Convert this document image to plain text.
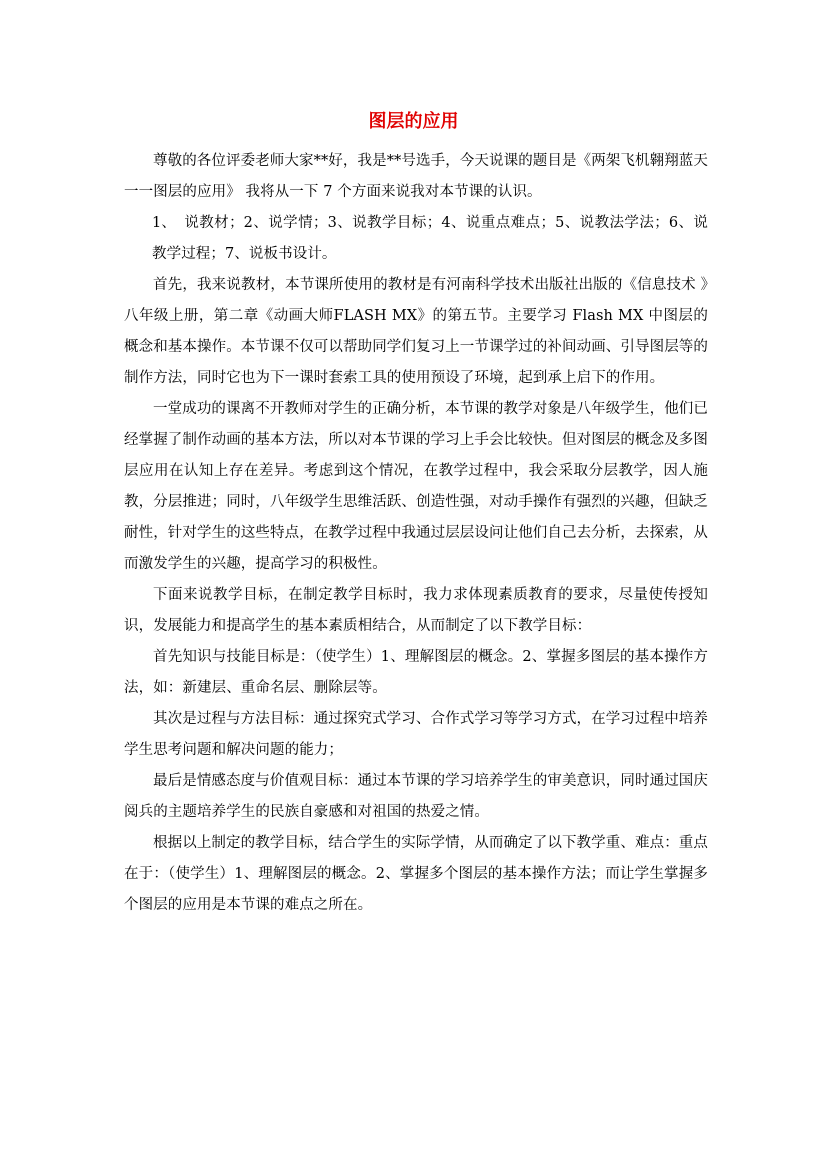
图层的应用

尊敬的各位评委老师大家**好，我是**号选手，今天说课的题目是《两架飞机翱翔蓝天一一图层的应用》 我将从一下 7 个方面来说我对本节课的认识。

1、 说教材；2、说学情；3、说教学目标；4、说重点难点；5、说教法学法；6、说教学过程；7、说板书设计。

首先，我来说教材，本节课所使用的教材是有河南科学技术出版社出版的《信息技术 》八年级上册，第二章《动画大师FLASH MX》的第五节。主要学习 Flash MX 中图层的概念和基本操作。本节课不仅可以帮助同学们复习上一节课学过的补间动画、引导图层等的制作方法，同时它也为下一课时套索工具的使用预设了环境，起到承上启下的作用。

一堂成功的课离不开教师对学生的正确分析，本节课的教学对象是八年级学生，他们已经掌握了制作动画的基本方法，所以对本节课的学习上手会比较快。但对图层的概念及多图层应用在认知上存在差异。考虑到这个情况，在教学过程中，我会采取分层教学，因人施教，分层推进；同时，八年级学生思维活跃、创造性强，对动手操作有强烈的兴趣，但缺乏耐性，针对学生的这些特点，在教学过程中我通过层层设问让他们自己去分析，去探索，从而激发学生的兴趣，提高学习的积极性。

下面来说教学目标，在制定教学目标时，我力求体现素质教育的要求，尽量使传授知识，发展能力和提高学生的基本素质相结合，从而制定了以下教学目标：

首先知识与技能目标是：（使学生）1、理解图层的概念。2、掌握多图层的基本操作方法，如：新建层、重命名层、删除层等。

其次是过程与方法目标：通过探究式学习、合作式学习等学习方式，在学习过程中培养学生思考问题和解决问题的能力；

最后是情感态度与价值观目标：通过本节课的学习培养学生的审美意识，同时通过国庆阅兵的主题培养学生的民族自豪感和对祖国的热爱之情。

根据以上制定的教学目标，结合学生的实际学情，从而确定了以下教学重、难点：重点在于：（使学生）1、理解图层的概念。2、掌握多个图层的基本操作方法；而让学生掌握多个图层的应用是本节课的难点之所在。
